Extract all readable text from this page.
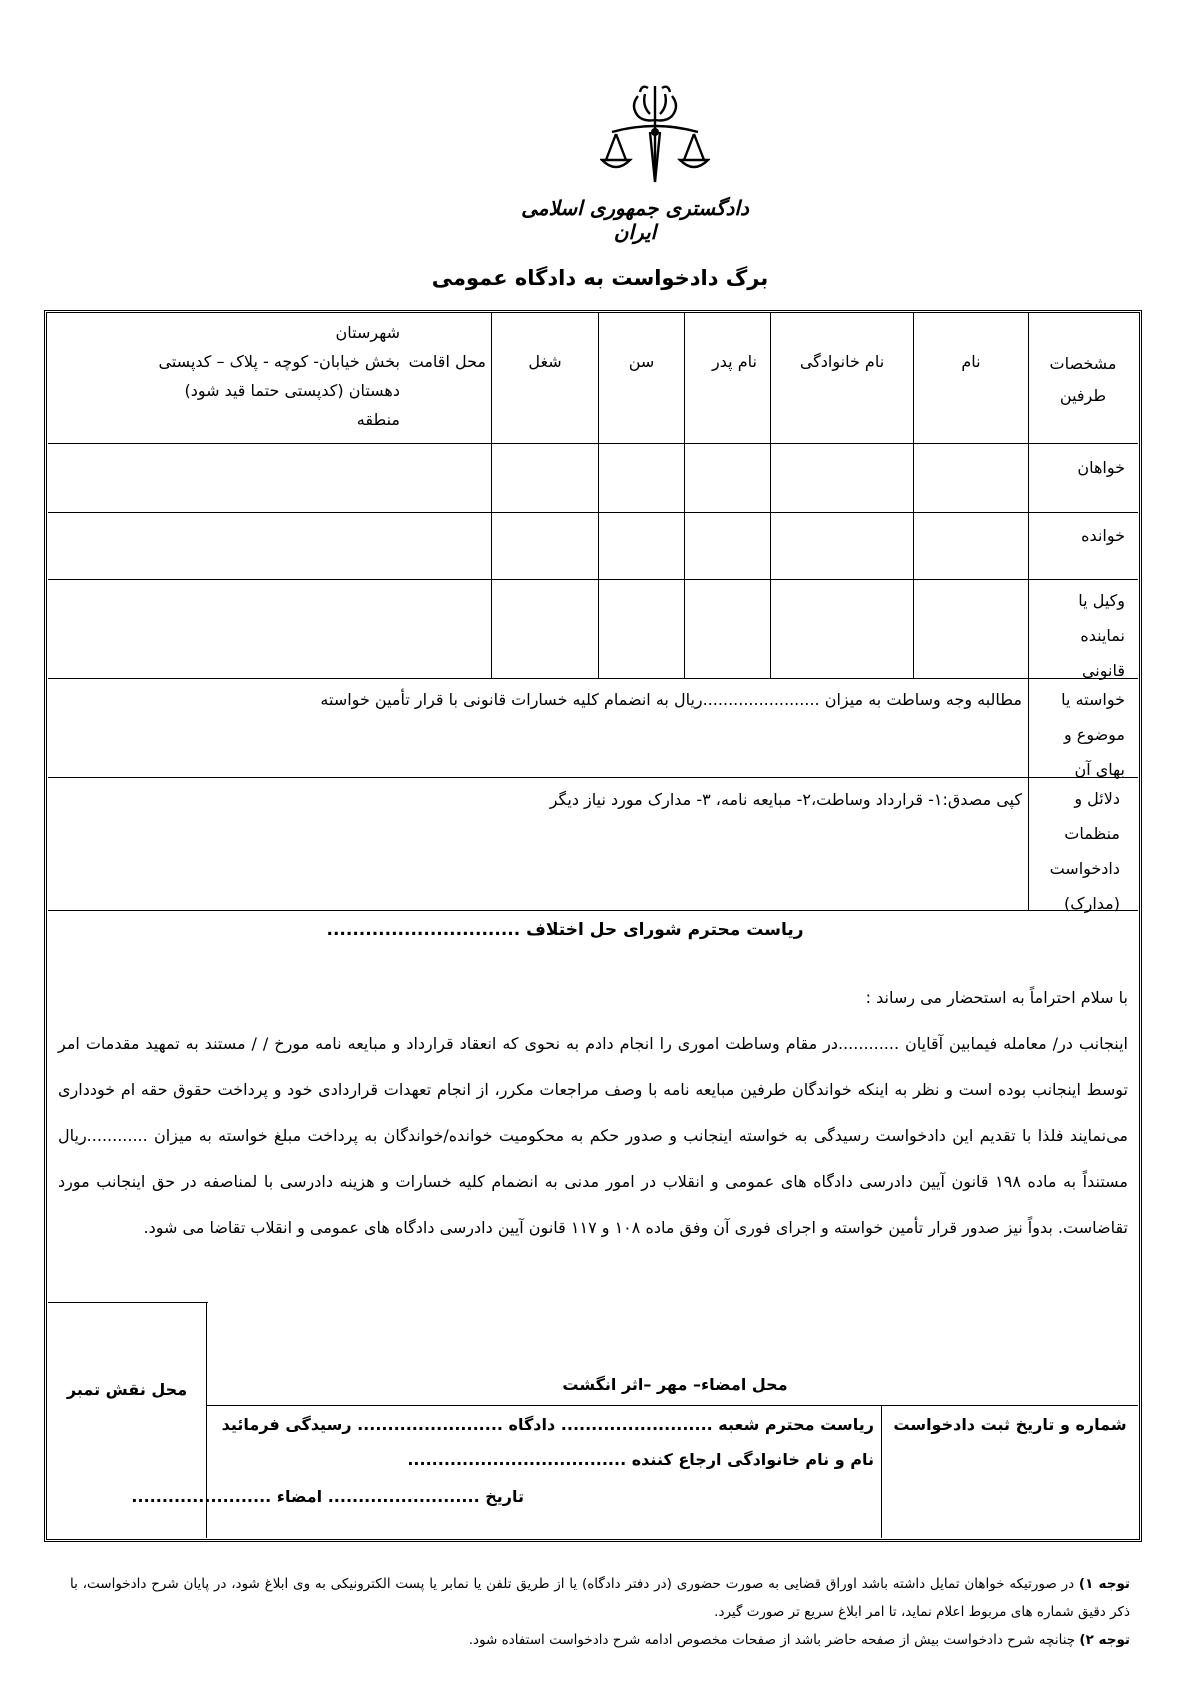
دادگستری جمهوری اسلامی ایران
برگ دادخواست به دادگاه عمومی
مشخصات
طرفین
نام
نام خانوادگی
نام پدر
سن
شغل
محل اقامت
شهرستان
بخش خیابان- کوچه - پلاک – کدپستی
دهستان (کدپستی حتما قید شود)
منطقه
خواهان
خوانده
وکیل یا
نماینده
قانونی
خواسته یا
موضوع و
بهای آن
دلائل و
منظمات
دادخواست
(مدارک)
مطالبه وجه وساطت به میزان .......................ریال به انضمام کلیه خسارات قانونی با قرار تأمین خواسته
کپی مصدق:۱- قرارداد وساطت،۲- مبایعه نامه، ۳- مدارک مورد نیاز دیگر
ریاست محترم شورای حل اختلاف ..............................

با سلام احتراماً به استحضار می رساند :

اینجانب در/ معامله فیمابین آقایان ............در مقام وساطت اموری را انجام دادم به نحوی که انعقاد قرارداد و مبایعه نامه مورخ / / مستند به تمهید مقدمات امر توسط اینجانب بوده است و نظر به اینکه خواندگان طرفین مبایعه نامه با وصف مراجعات مکرر، از انجام تعهدات قراردادی خود و پرداخت حقوق حقه ام خودداری می‌نمایند فلذا با تقدیم این دادخواست رسیدگی به خواسته اینجانب و صدور حکم به محکومیت خوانده/خواندگان به پرداخت مبلغ خواسته به میزان ............ریال مستنداً به ماده ۱۹۸ قانون آیین دادرسی دادگاه های عمومی و انقلاب در امور مدنی به انضمام کلیه خسارات و هزینه دادرسی با لمناصفه در حق اینجانب مورد تقاضاست. بدواً نیز صدور قرار تأمین خواسته و اجرای فوری آن وفق ماده ۱۰۸ و ۱۱۷ قانون آیین دادرسی دادگاه های عمومی و انقلاب تقاضا می شود.

محل نقش تمبر	محل امضاء– مهر –اثر انگشت
شماره و تاریخ ثبت دادخواست
ریاست محترم شعبه ......................... دادگاه ........................ رسیدگی فرمائید
نام و نام خانوادگی ارجاع کننده ....................................
تاریخ ......................... امضاء .......................

توجه ۱) در صورتیکه خواهان تمایل داشته باشد اوراق قضایی به صورت حضوری (در دفتر دادگاه) یا از طریق تلفن یا نمابر یا پست الکترونیکی به وی ابلاغ شود، در پایان شرح دادخواست، با ذکر دقیق شماره های مربوط اعلام نماید، تا امر ابلاغ سریع تر صورت گیرد.

توجه ۲) چنانچه شرح دادخواست بیش از صفحه حاضر باشد از صفحات مخصوص ادامه شرح دادخواست استفاده شود.
